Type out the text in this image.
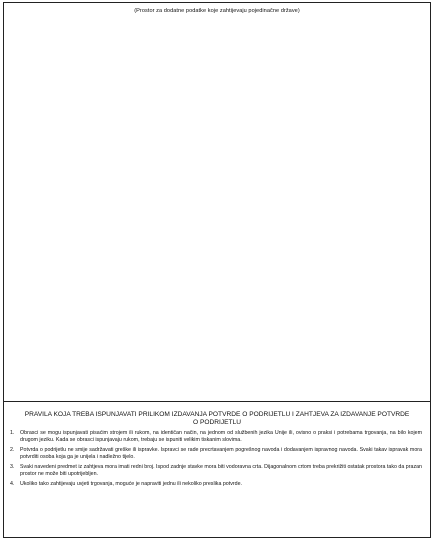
(Prostor za dodatne podatke koje zahtijevaju pojedinačne države)
PRAVILA KOJA TREBA ISPUNJAVATI PRILIKOM IZDAVANJA POTVRDE O PODRIJETLU I ZAHTJEVA ZA IZDAVANJE POTVRDE O PODRIJETLU
1.	Obrasci se mogu ispunjavati pisaćim strojem ili rukom, na identičan način, na jednom od službenih jezika Unije ili, ovisno o praksi i potrebama trgovanja, na bilo kojem drugom jeziku. Kada se obrasci ispunjavaju rukom, trebaju se ispuniti velikim tiskanim slovima.
2.	Potvrda o podrijetlu ne smije sadržavati greške ili ispravke. Ispravci se rade precrtavanjem pogrešnog navoda i dodavanjem ispravnog navoda. Svaki takav ispravak mora potvrditi osoba koja ga je unijela i nadležno tijelo.
3.	Svaki navedeni predmet iz zahtjeva mora imati redni broj. Ispod zadnje stavke mora biti vodoravna crta. Dijagonalnom crtom treba prekrižiti ostatak prostora tako da prazan prostor ne može biti upotrijebljen.
4.	Ukoliko tako zahtijevaju uvjeti trgovanja, moguće je napraviti jednu ili nekoliko preslika potvrde.
